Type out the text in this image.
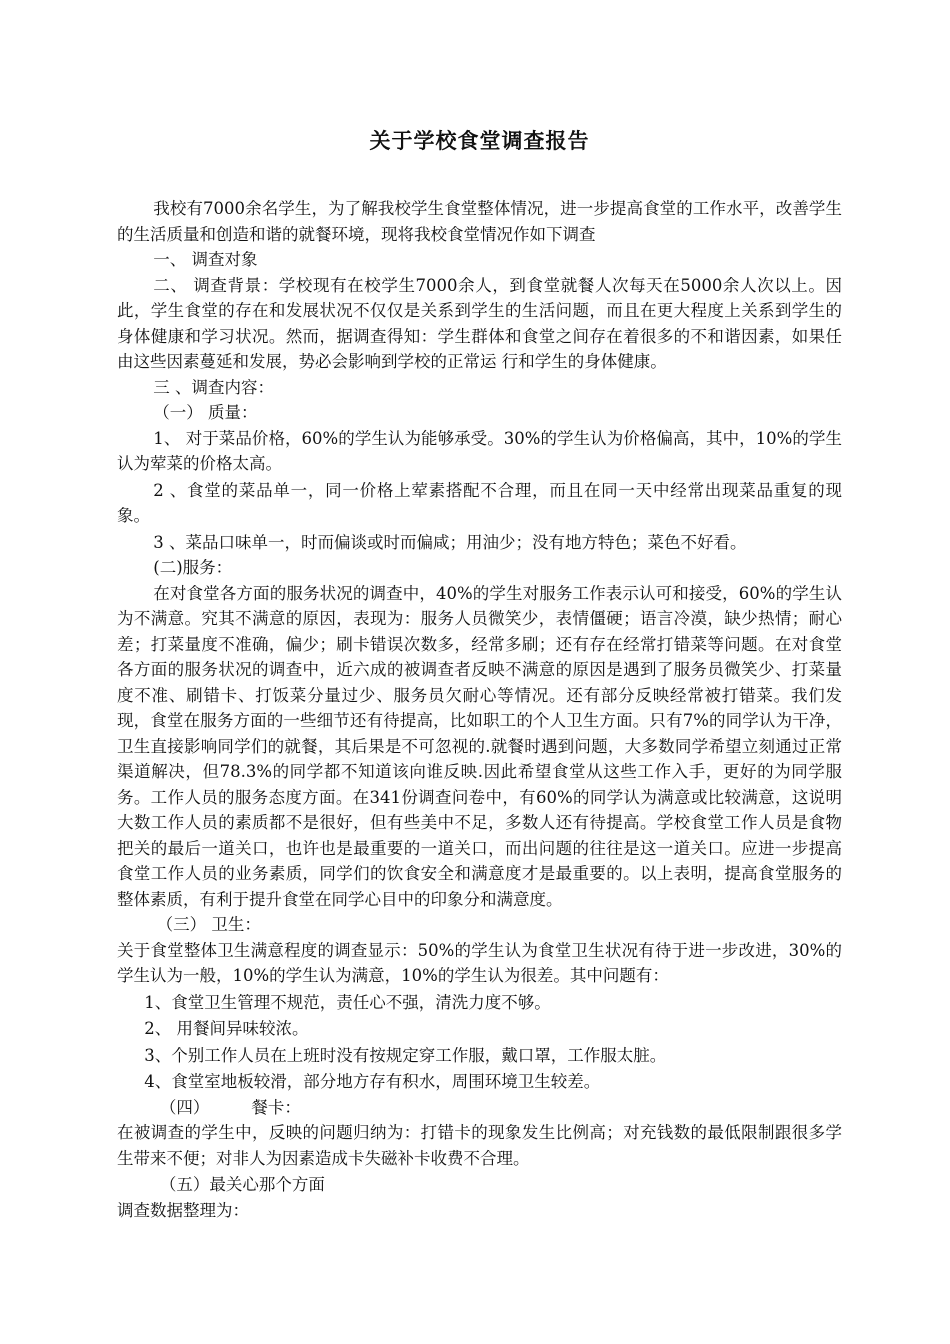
关于学校食堂调查报告

我校有7000余名学生，为了解我校学生食堂整体情况，进一步提高食堂的工作水平，改善学生的生活质量和创造和谐的就餐环境，现将我校食堂情况作如下调查

一、 调查对象

二、 调查背景：学校现有在校学生7000余人，到食堂就餐人次每天在5000余人次以上。因此，学生食堂的存在和发展状况不仅仅是关系到学生的生活问题，而且在更大程度上关系到学生的身体健康和学习状况。然而，据调查得知：学生群体和食堂之间存在着很多的不和谐因素，如果任由这些因素蔓延和发展，势必会影响到学校的正常运 行和学生的身体健康。

三 、调查内容：

（一） 质量：

1、 对于菜品价格，60%的学生认为能够承受。30%的学生认为价格偏高，其中，10%的学生认为荤菜的价格太高。

2 、食堂的菜品单一，同一价格上荤素搭配不合理，而且在同一天中经常出现菜品重复的现象。

3 、菜品口味单一，时而偏谈或时而偏咸；用油少；没有地方特色；菜色不好看。

(二)服务：

在对食堂各方面的服务状况的调查中，40%的学生对服务工作表示认可和接受，60%的学生认为不满意。究其不满意的原因，表现为：服务人员微笑少，表情僵硬；语言冷漠，缺少热情；耐心差；打菜量度不准确，偏少；刷卡错误次数多，经常多刷；还有存在经常打错菜等问题。在对食堂各方面的服务状况的调查中，近六成的被调查者反映不满意的原因是遇到了服务员微笑少、打菜量度不准、刷错卡、打饭菜分量过少、服务员欠耐心等情况。还有部分反映经常被打错菜。我们发现，食堂在服务方面的一些细节还有待提高，比如职工的个人卫生方面。只有7%的同学认为干净，卫生直接影响同学们的就餐，其后果是不可忽视的.就餐时遇到问题，大多数同学希望立刻通过正常渠道解决，但78.3%的同学都不知道该向谁反映.因此希望食堂从这些工作入手，更好的为同学服务。工作人员的服务态度方面。在341份调查问卷中，有60%的同学认为满意或比较满意，这说明大数工作人员的素质都不是很好，但有些美中不足，多数人还有待提高。学校食堂工作人员是食物把关的最后一道关口，也许也是最重要的一道关口，而出问题的往往是这一道关口。应进一步提高食堂工作人员的业务素质，同学们的饮食安全和满意度才是最重要的。以上表明，提高食堂服务的整体素质，有利于提升食堂在同学心目中的印象分和满意度。

（三） 卫生：

关于食堂整体卫生满意程度的调查显示：50%的学生认为食堂卫生状况有待于进一步改进，30%的学生认为一般，10%的学生认为满意，10%的学生认为很差。其中问题有：

1、食堂卫生管理不规范，责任心不强，清洗力度不够。

2、 用餐间异味较浓。

3、个别工作人员在上班时没有按规定穿工作服，戴口罩，工作服太脏。

4、食堂室地板较滑，部分地方存有积水，周围环境卫生较差。

（四）        餐卡：

在被调查的学生中，反映的问题归纳为：打错卡的现象发生比例高；对充钱数的最低限制跟很多学生带来不便；对非人为因素造成卡失磁补卡收费不合理。

（五）最关心那个方面

调查数据整理为：
